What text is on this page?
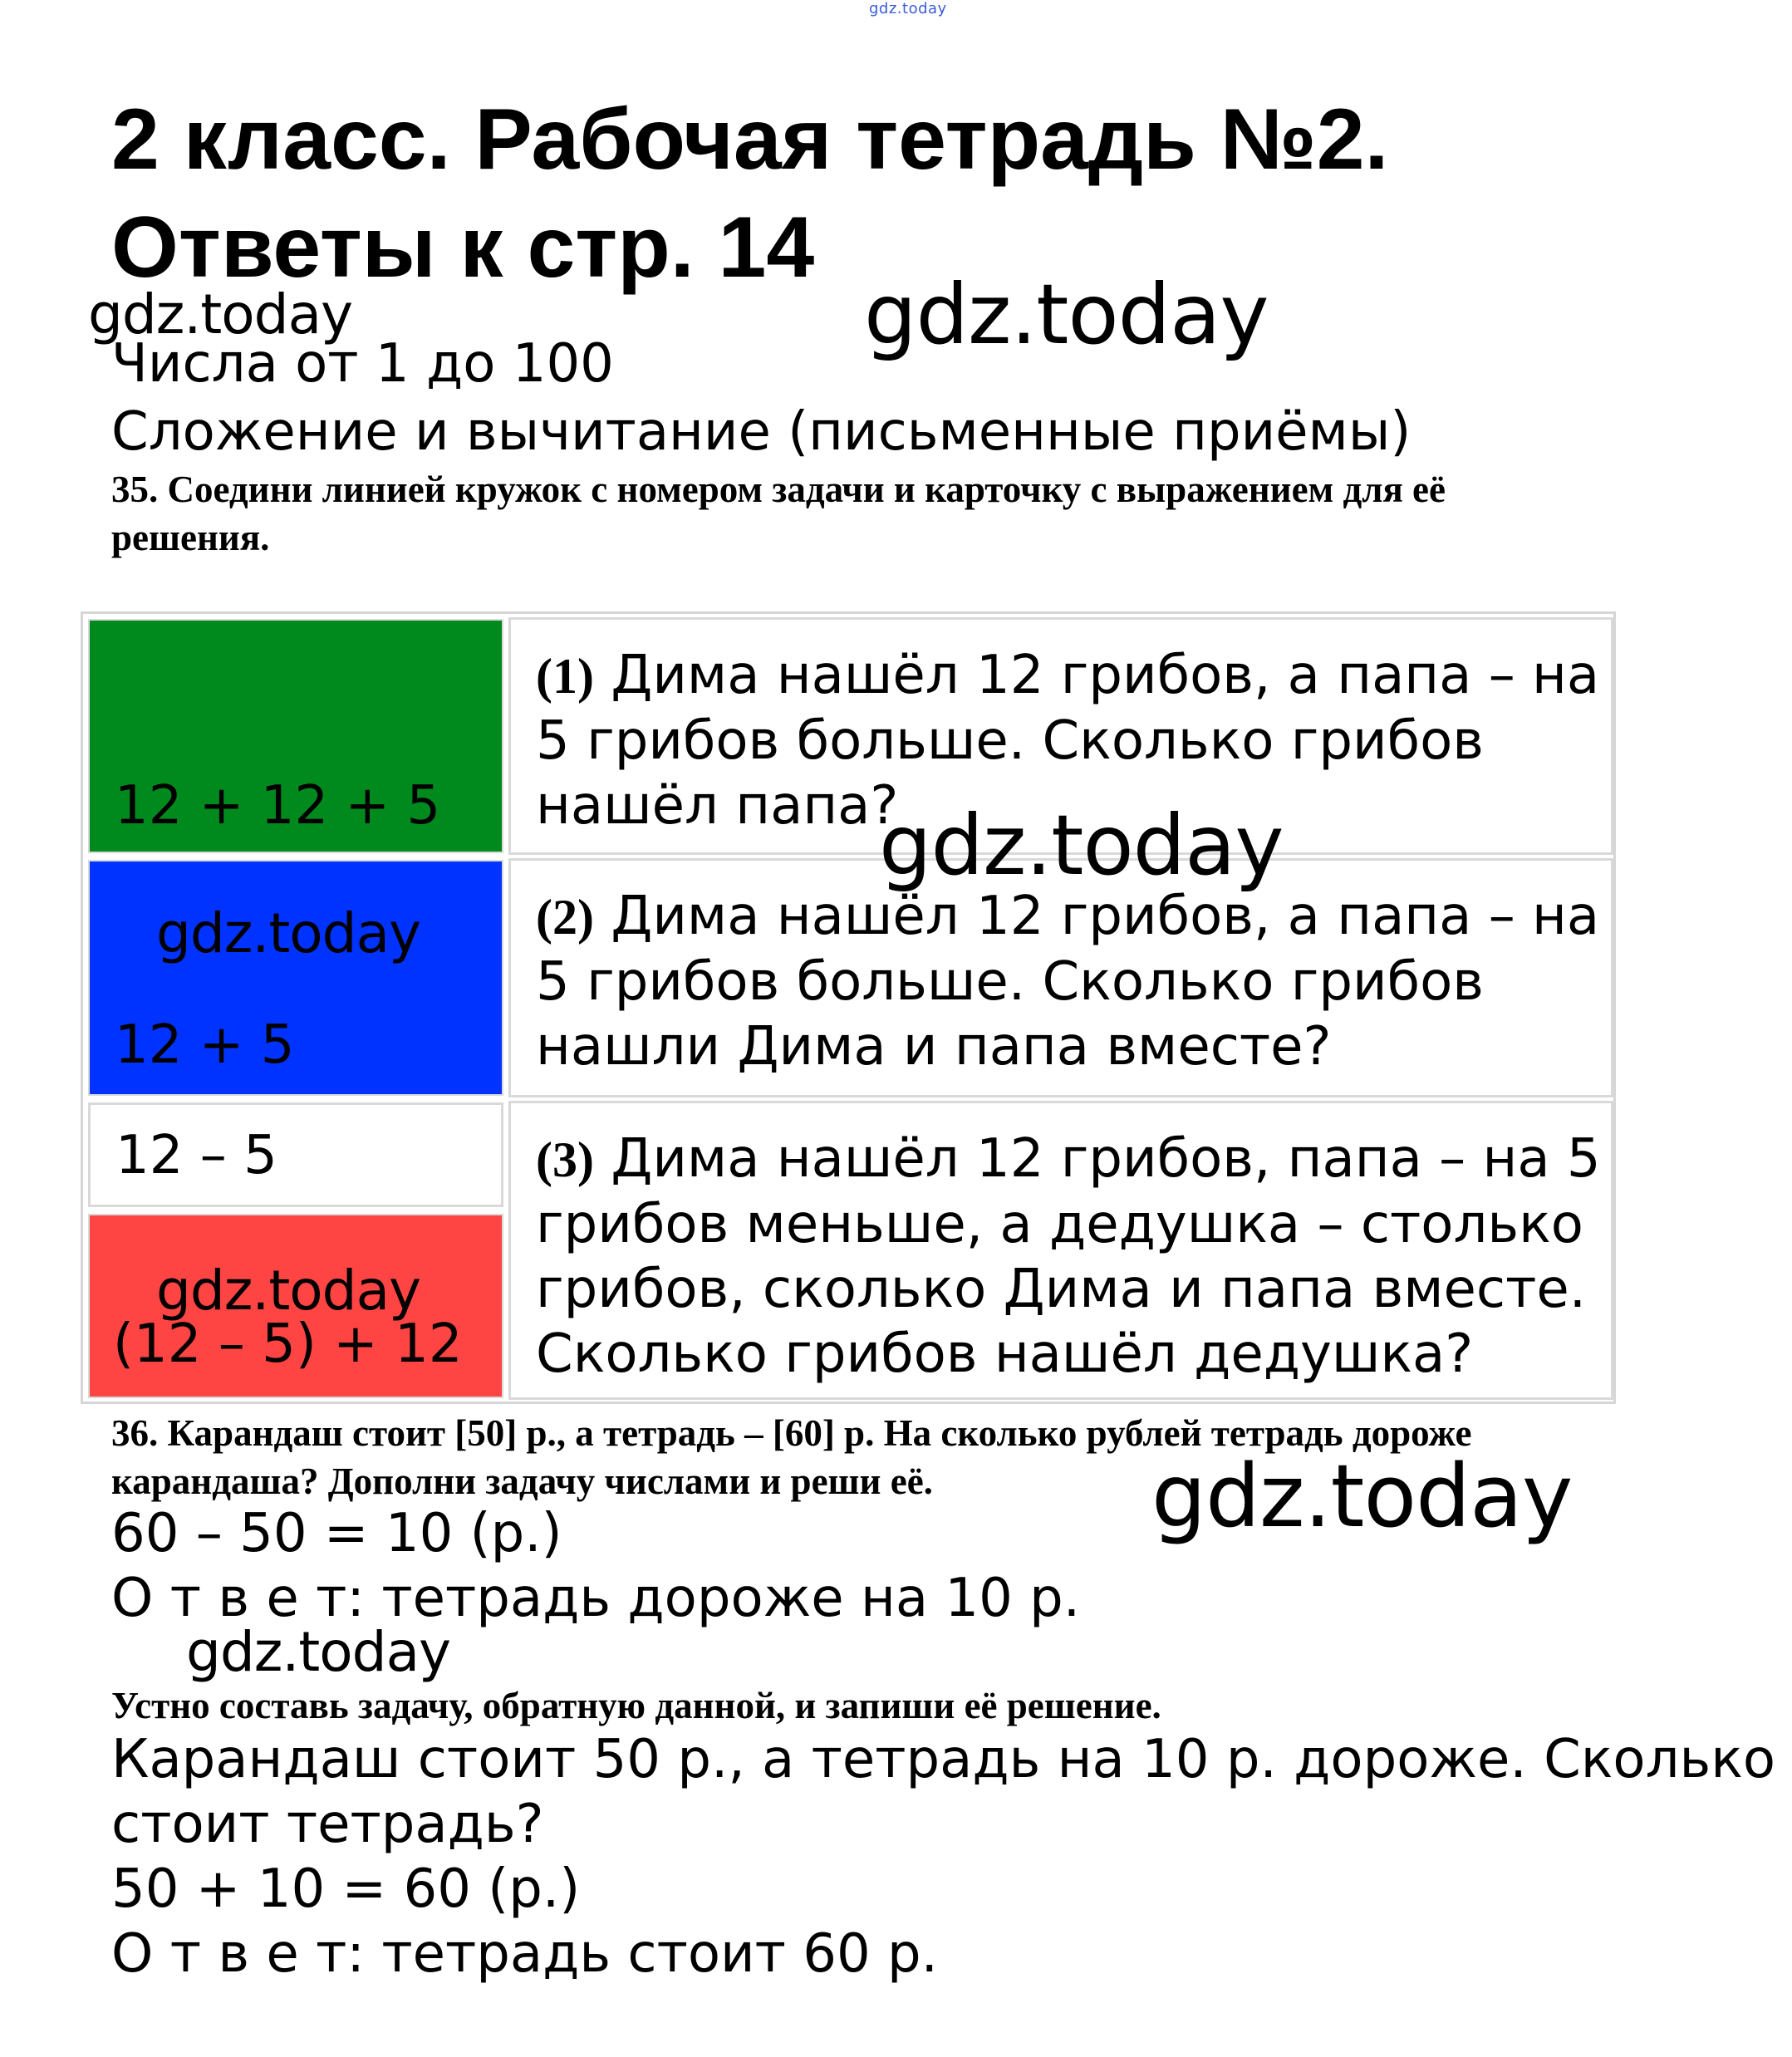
gdz.today
2 класс. Рабочая тетрадь №2.
Ответы к стр. 14
gdz.today	gdz.today
Числа от 1 до 100
Сложение и вычитание (письменные приёмы)
35. Соедини линией кружок с номером задачи и карточку с выражением для её
решения.
12 + 12 + 5
gdz.today
12 + 5
12 – 5
gdz.today
(12 – 5) + 12
(1) Дима нашёл 12 грибов, а папа – на
5 грибов больше. Сколько грибов
нашёл папа?
(2) Дима нашёл 12 грибов, а папа – на
5 грибов больше. Сколько грибов
нашли Дима и папа вместе?
(3) Дима нашёл 12 грибов, папа – на 5
грибов меньше, а дедушка – столько
грибов, сколько Дима и папа вместе.
Сколько грибов нашёл дедушка?
gdz.today
36. Карандаш стоит [50] р., а тетрадь – [60] р. На сколько рублей тетрадь дороже
карандаша? Дополни задачу числами и реши её.	gdz.today
60 – 50 = 10 (р.)
О т в е т: тетрадь дороже на 10 р.
gdz.today
Устно составь задачу, обратную данной, и запиши её решение.
Карандаш стоит 50 р., а тетрадь на 10 р. дороже. Сколько
стоит тетрадь?
50 + 10 = 60 (р.)
О т в е т: тетрадь стоит 60 р.
